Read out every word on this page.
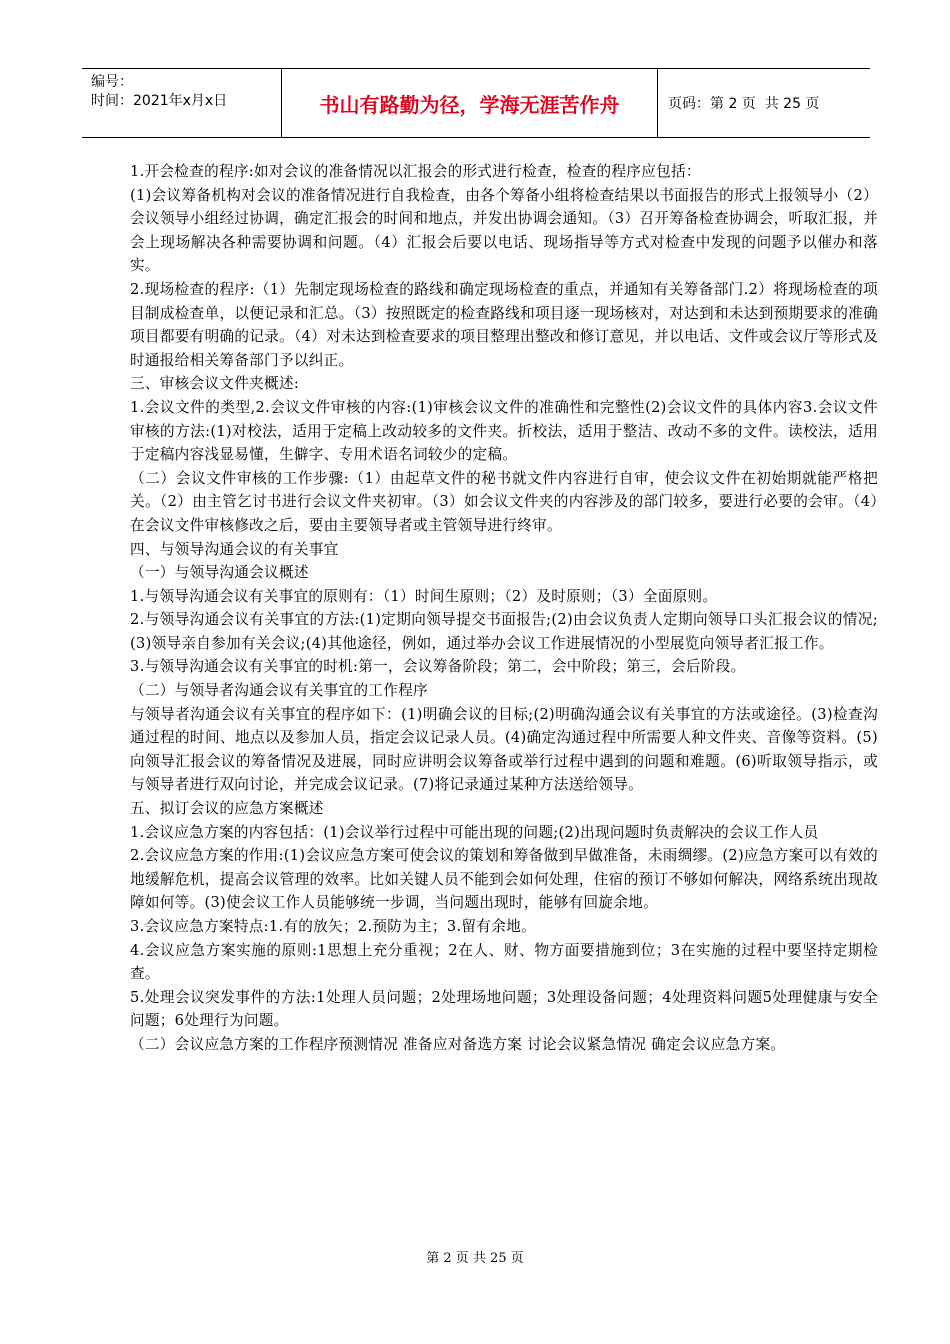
编号：
时间：2021年x月x日	书山有路勤为径，学海无涯苦作舟	页码：第 2 页  共 25 页

1.开会检查的程序:如对会议的准备情况以汇报会的形式进行检查，检查的程序应包括：

(1)会议筹备机构对会议的准备情况进行自我检查，由各个筹备小组将检查结果以书面报告的形式上报领导小（2）会议领导小组经过协调，确定汇报会的时间和地点，并发出协调会通知。（3）召开筹备检查协调会，听取汇报，并会上现场解决各种需要协调和问题。（4）汇报会后要以电话、现场指导等方式对检查中发现的问题予以催办和落实。

2.现场检查的程序:（1）先制定现场检查的路线和确定现场检查的重点，并通知有关筹备部门.2）将现场检查的项目制成检查单，以便记录和汇总。（3）按照既定的检查路线和项目逐一现场核对，对达到和未达到预期要求的准确项目都要有明确的记录。（4）对未达到检查要求的项目整理出整改和修订意见，并以电话、文件或会议厅等形式及时通报给相关筹备部门予以纠正。

三、审核会议文件夹概述:

1.会议文件的类型,2.会议文件审核的内容:(1)审核会议文件的准确性和完整性(2)会议文件的具体内容3.会议文件审核的方法:(1)对校法，适用于定稿上改动较多的文件夹。折校法，适用于整洁、改动不多的文件。读校法，适用于定稿内容浅显易懂，生僻字、专用术语名词较少的定稿。

（二）会议文件审核的工作步骤:（1）由起草文件的秘书就文件内容进行自审，使会议文件在初始期就能严格把关。（2）由主管乞讨书进行会议文件夹初审。（3）如会议文件夹的内容涉及的部门较多，要进行必要的会审。（4）在会议文件审核修改之后，要由主要领导者或主管领导进行终审。

四、与领导沟通会议的有关事宜

（一）与领导沟通会议概述

1.与领导沟通会议有关事宜的原则有：（1）时间生原则；（2）及时原则；（3）全面原则。

2.与领导沟通会议有关事宜的方法:(1)定期向领导提交书面报告;(2)由会议负责人定期向领导口头汇报会议的情况;(3)领导亲自参加有关会议;(4)其他途径，例如，通过举办会议工作进展情况的小型展览向领导者汇报工作。

3.与领导沟通会议有关事宜的时机:第一，会议筹备阶段；第二，会中阶段；第三，会后阶段。

（二）与领导者沟通会议有关事宜的工作程序

与领导者沟通会议有关事宜的程序如下：(1)明确会议的目标;(2)明确沟通会议有关事宜的方法或途径。(3)检查沟通过程的时间、地点以及参加人员，指定会议记录人员。(4)确定沟通过程中所需要人种文件夹、音像等资料。(5)向领导汇报会议的筹备情况及进展，同时应讲明会议筹备或举行过程中遇到的问题和难题。(6)听取领导指示，或与领导者进行双向讨论，并完成会议记录。(7)将记录通过某种方法送给领导。

五、拟订会议的应急方案概述

1.会议应急方案的内容包括：(1)会议举行过程中可能出现的问题;(2)出现问题时负责解决的会议工作人员

2.会议应急方案的作用:(1)会议应急方案可使会议的策划和筹备做到早做准备，未雨绸缪。(2)应急方案可以有效的地缓解危机，提高会议管理的效率。比如关键人员不能到会如何处理，住宿的预订不够如何解决，网络系统出现故障如何等。(3)使会议工作人员能够统一步调，当问题出现时，能够有回旋余地。

3.会议应急方案特点:1.有的放矢；2.预防为主；3.留有余地。

4.会议应急方案实施的原则:1思想上充分重视；2在人、财、物方面要措施到位；3在实施的过程中要坚持定期检查。

5.处理会议突发事件的方法:1处理人员问题；2处理场地问题；3处理设备问题；4处理资料问题5处理健康与安全问题；6处理行为问题。

（二）会议应急方案的工作程序预测情况 准备应对备选方案 讨论会议紧急情况 确定会议应急方案。

第 2 页 共 25 页
